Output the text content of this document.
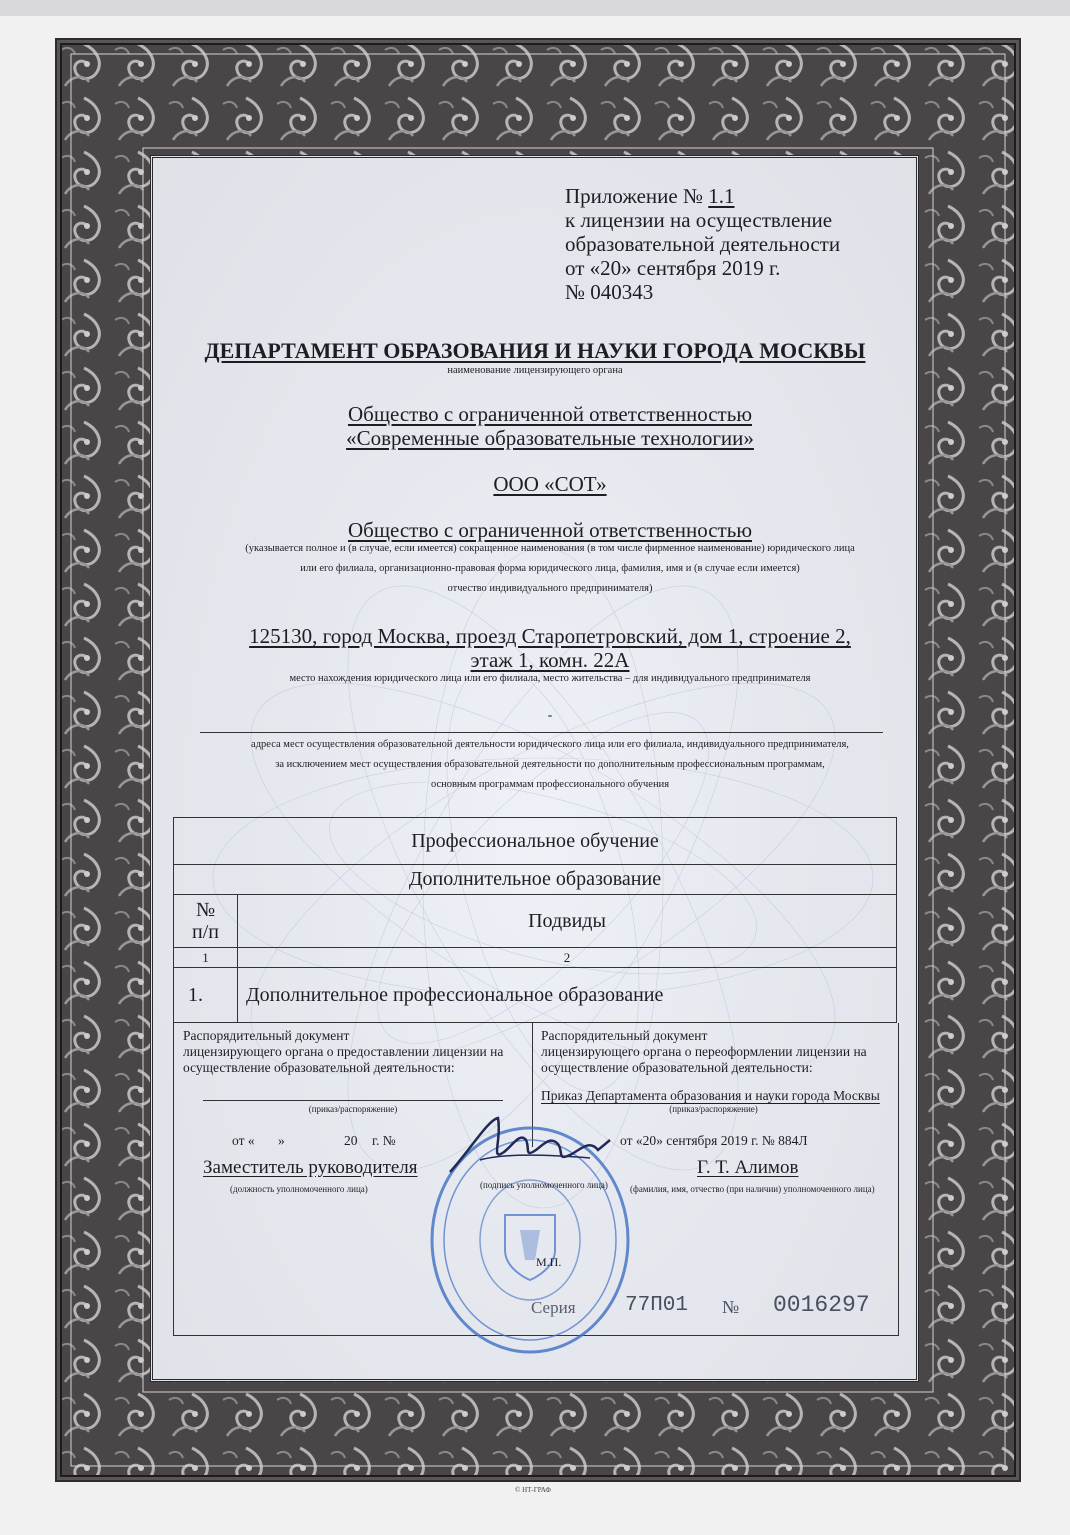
Приложение № 1.1
к лицензии на осуществление
образовательной деятельности
от «20» сентября 2019 г.
№ 040343
ДЕПАРТАМЕНТ ОБРАЗОВАНИЯ И НАУКИ ГОРОДА МОСКВЫ
наименование лицензирующего органа
Общество с ограниченной ответственностью
«Современные образовательные технологии»
ООО «СОТ»
Общество с ограниченной ответственностью
(указывается полное и (в случае, если имеется) сокращенное наименования (в том числе фирменное наименование) юридического лица
или его филиала, организационно-правовая форма юридического лица, фамилия, имя и (в случае если имеется)
отчество индивидуального предпринимателя)
125130, город Москва, проезд Старопетровский, дом 1, строение 2,
этаж 1, комн. 22А
место нахождения юридического лица или его филиала, место жительства – для индивидуального предпринимателя
-
адреса мест осуществления образовательной деятельности юридического лица или его филиала, индивидуального предпринимателя,
за исключением мест осуществления образовательной деятельности по дополнительным профессиональным программам,
основным программам профессионального обучения
Профессиональное обучение	
Дополнительное образование	

№
п/п	Подвиды
1	2
1.	Дополнительное профессиональное образование
Распорядительный документ
лицензирующего органа о предоставлении лицензии на
осуществление образовательной деятельности:
(приказ/распоряжение)
от « »	20 г. №
Распорядительный документ
лицензирующего органа о переоформлении лицензии на
осуществление образовательной деятельности:
Приказ Департамента образования и науки города Москвы
(приказ/распоряжение)
от «20» сентября 2019 г. № 884Л
Заместитель руководителя
(должность уполномоченного лица)	(подпись уполномоченного лица)
Г. Т. Алимов
(фамилия, имя, отчество (при наличии) уполномоченного лица)
М.П.
Серия 77П01 № 0016297
© НТ-ГРАФ
